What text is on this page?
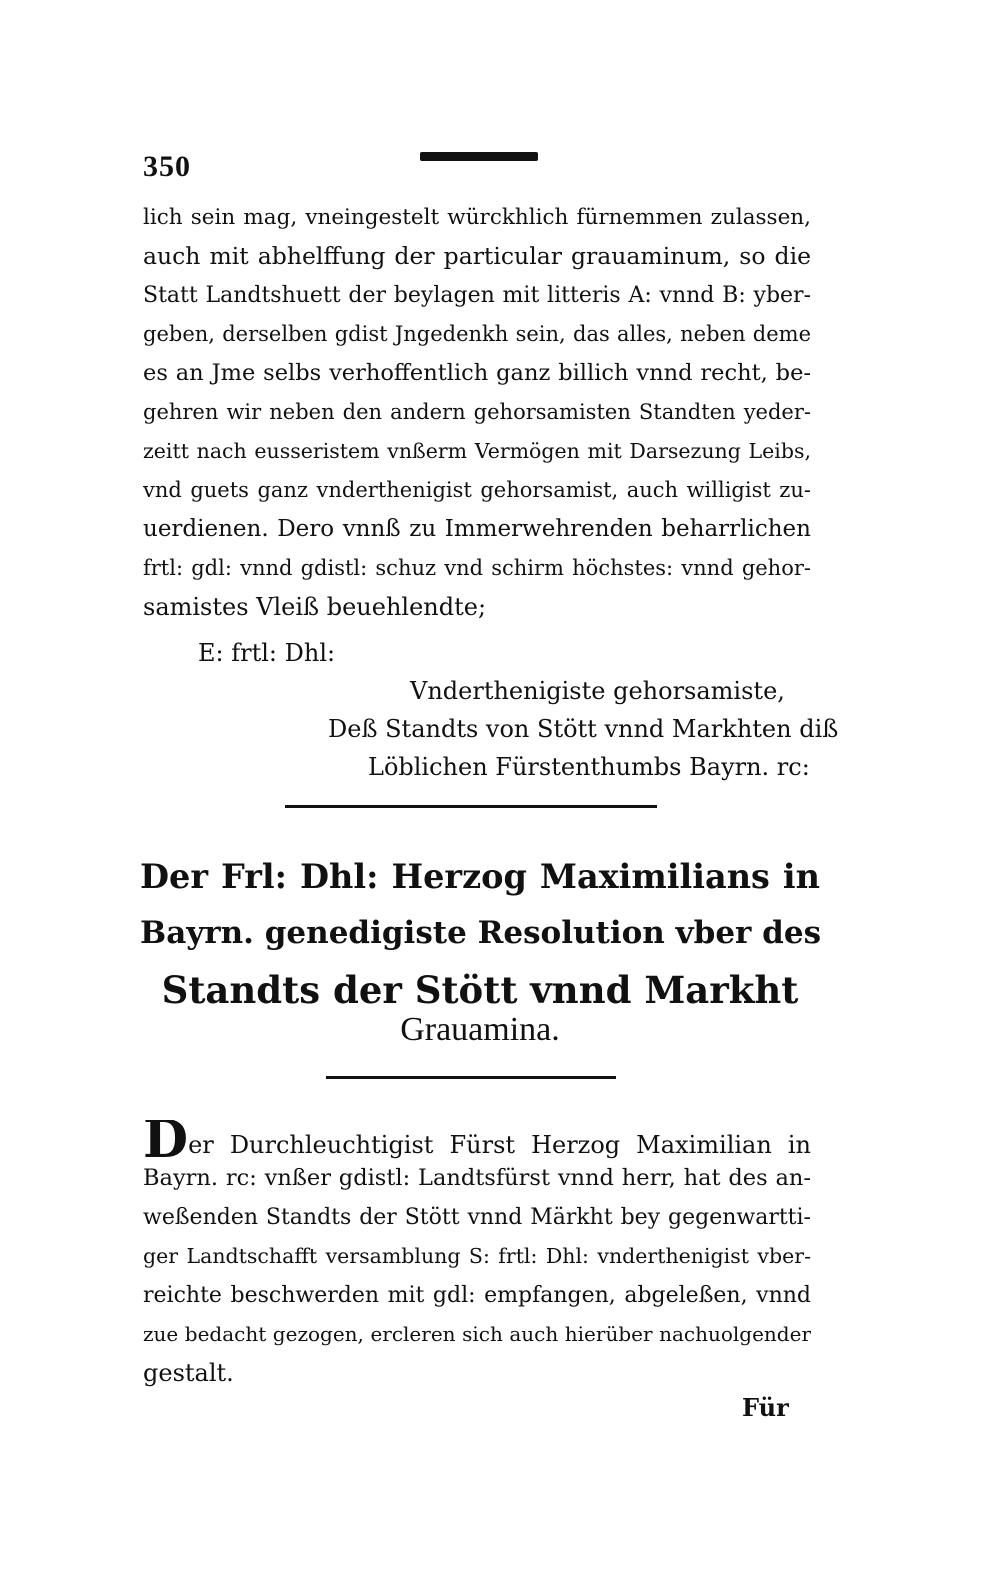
350
lich sein mag, vneingestelt würckhlich fürnemmen zulassen,
auch mit abhelffung der particular grauaminum, so die
Statt Landtshuett der beylagen mit litteris A: vnnd B: yber-
geben, derselben gdist Jngedenkh sein, das alles, neben deme
es an Jme selbs verhoffentlich ganz billich vnnd recht, be-
gehren wir neben den andern gehorsamisten Standten yeder-
zeitt nach eusseristem vnßerm Vermögen mit Darsezung Leibs,
vnd guets ganz vnderthenigist gehorsamist, auch willigist zu-
uerdienen. Dero vnnß zu Immerwehrenden beharrlichen
frtl: gdl: vnnd gdistl: schuz vnd schirm höchstes: vnnd gehor-
samistes Vleiß beuehlendte;
E: frtl: Dhl:
Vnderthenigiste gehorsamiste,
Deß Standts von Stött vnnd Markhten diß
Löblichen Fürstenthumbs Bayrn. rc:
Der Frl: Dhl: Herzog Maximilians in
Bayrn. genedigiste Resolution vber des
Standts der Stött vnnd Markht
Grauamina.
Der Durchleuchtigist Fürst Herzog Maximilian in
Bayrn. rc: vnßer gdistl: Landtsfürst vnnd herr, hat des an-
weßenden Standts der Stött vnnd Märkht bey gegenwartti-
ger Landtschafft versamblung S: frtl: Dhl: vnderthenigist vber-
reichte beschwerden mit gdl: empfangen, abgeleßen, vnnd
zue bedacht gezogen, ercleren sich auch hierüber nachuolgender
gestalt.
Für
